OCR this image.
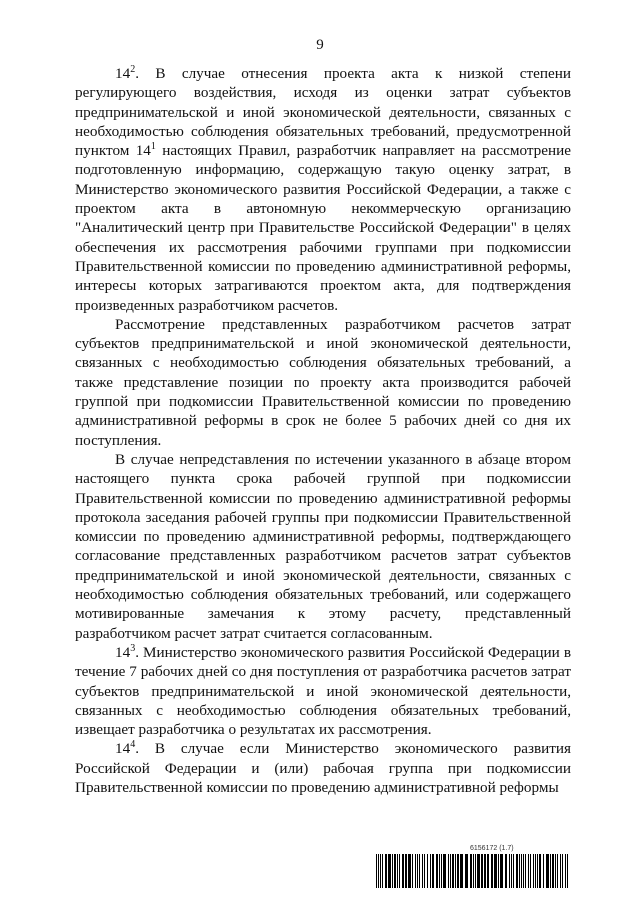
9

$14^2$. В случае отнесения проекта акта к низкой степени регулирующего воздействия, исходя из оценки затрат субъектов предпринимательской и иной экономической деятельности, связанных с необходимостью соблюдения обязательных требований, предусмотренной пунктом $14^1$ настоящих Правил, разработчик направляет на рассмотрение подготовленную информацию, содержащую такую оценку затрат, в Министерство экономического развития Российской Федерации, а также с проектом акта в автономную некоммерческую организацию "Аналитический центр при Правительстве Российской Федерации" в целях обеспечения их рассмотрения рабочими группами при подкомиссии Правительственной комиссии по проведению административной реформы, интересы которых затрагиваются проектом акта, для подтверждения произведенных разработчиком расчетов.

Рассмотрение представленных разработчиком расчетов затрат субъектов предпринимательской и иной экономической деятельности, связанных с необходимостью соблюдения обязательных требований, а также представление позиции по проекту акта производится рабочей группой при подкомиссии Правительственной комиссии по проведению административной реформы в срок не более 5 рабочих дней со дня их поступления.

В случае непредставления по истечении указанного в абзаце втором настоящего пункта срока рабочей группой при подкомиссии Правительственной комиссии по проведению административной реформы протокола заседания рабочей группы при подкомиссии Правительственной комиссии по проведению административной реформы, подтверждающего согласование представленных разработчиком расчетов затрат субъектов предпринимательской и иной экономической деятельности, связанных с необходимостью соблюдения обязательных требований, или содержащего мотивированные замечания к этому расчету, представленный разработчиком расчет затрат считается согласованным.

$14^3$. Министерство экономического развития Российской Федерации в течение 7 рабочих дней со дня поступления от разработчика расчетов затрат субъектов предпринимательской и иной экономической деятельности, связанных с необходимостью соблюдения обязательных требований, извещает разработчика о результатах их рассмотрения.

$14^4$. В случае если Министерство экономического развития Российской Федерации и (или) рабочая группа при подкомиссии Правительственной комиссии по проведению административной реформы

6156172 (1.7)
